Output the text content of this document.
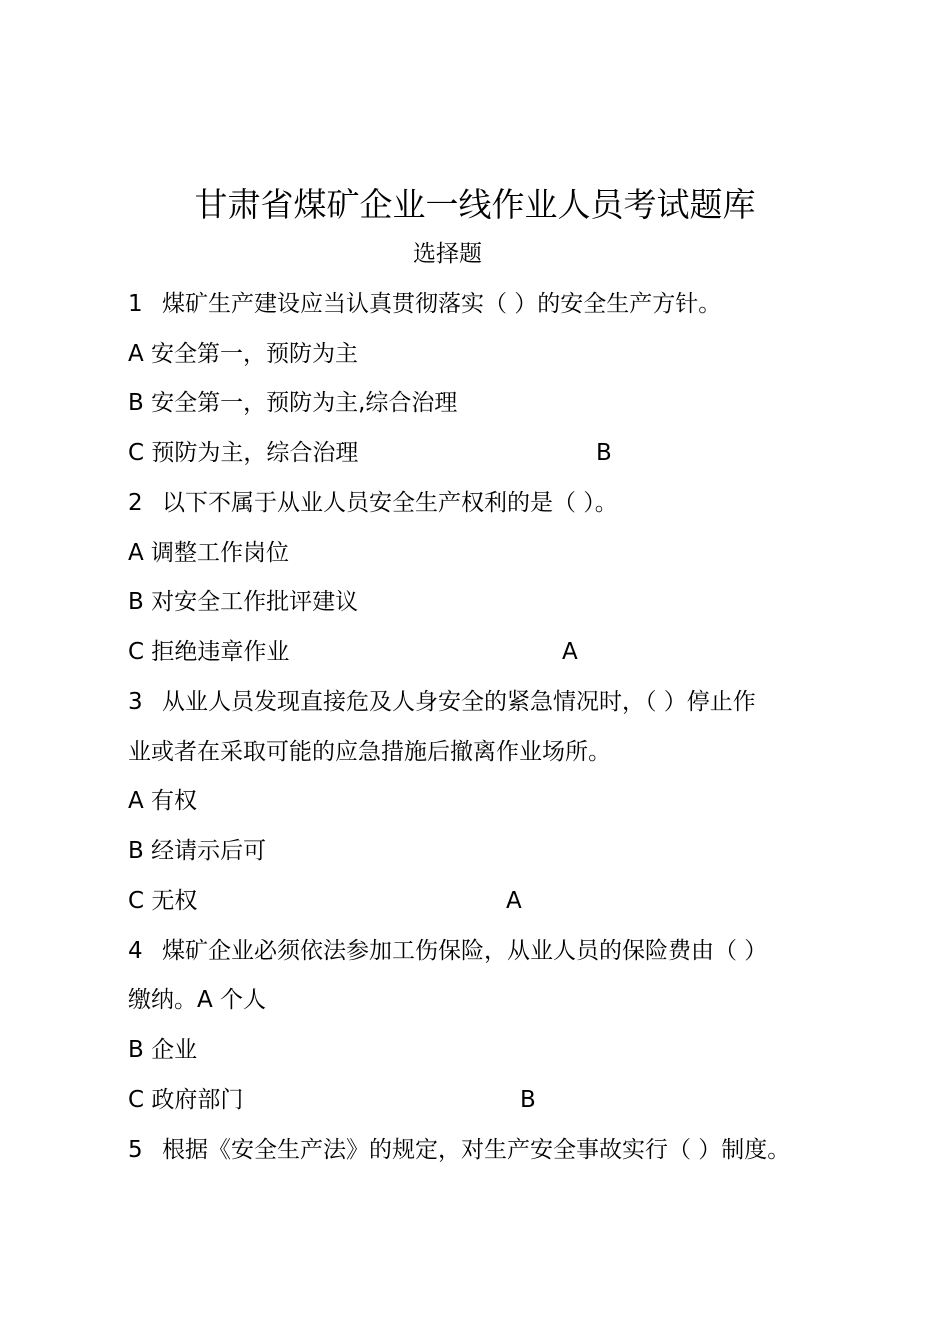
甘肃省煤矿企业一线作业人员考试题库
选择题
1 煤矿生产建设应当认真贯彻落实（ ）的安全生产方针。
A 安全第一，预防为主
B 安全第一，预防为主,综合治理
C 预防为主，综合治理	B
2 以下不属于从业人员安全生产权利的是（ ）。
A 调整工作岗位
B 对安全工作批评建议
C 拒绝违章作业	A
3 从业人员发现直接危及人身安全的紧急情况时，（ ）停止作
业或者在采取可能的应急措施后撤离作业场所。
A 有权
B 经请示后可
C 无权	A
4 煤矿企业必须依法参加工伤保险，从业人员的保险费由（ ）
缴纳。A 个人
B 企业
C 政府部门	B
5 根据《安全生产法》的规定，对生产安全事故实行（ ）制度。
